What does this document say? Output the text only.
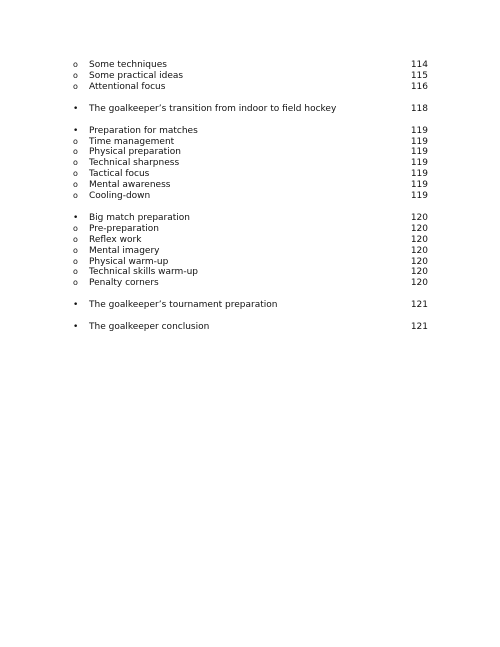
o	Some techniques	114
o	Some practical ideas	115
o	Attentional focus	116
•	The goalkeeper’s transition from indoor to field hockey	118
•	Preparation for matches	119
o	Time management	119
o	Physical preparation	119
o	Technical sharpness	119
o	Tactical focus	119
o	Mental awareness	119
o	Cooling-down	119
•	Big match preparation	120
o	Pre-preparation	120
o	Reflex work	120
o	Mental imagery	120
o	Physical warm-up	120
o	Technical skills warm-up	120
o	Penalty corners	120
•	The goalkeeper’s tournament preparation	121
•	The goalkeeper conclusion	121
